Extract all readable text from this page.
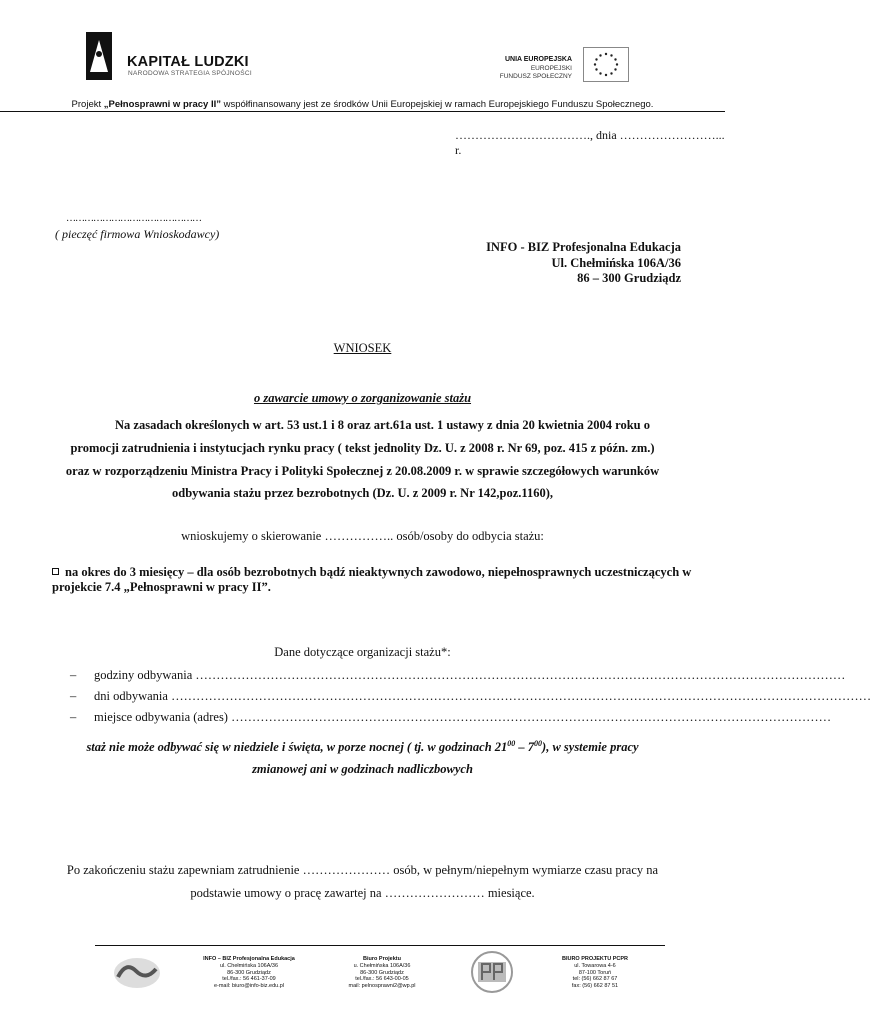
KAPITAŁ LUDZKI
NARODOWA STRATEGIA SPÓJNOŚCI
UNIA EUROPEJSKA
EUROPEJSKI
FUNDUSZ SPOŁECZNY
Projekt „Pełnosprawni w pracy II” współfinansowany jest ze środków Unii Europejskiej w ramach Europejskiego Funduszu Społecznego.
……………………………., dnia ……………………... r.
………………………………………
( pieczęć firmowa Wnioskodawcy)
INFO - BIZ Profesjonalna Edukacja
Ul. Chełmińska 106A/36
86 – 300 Grudziądz
WNIOSEK
o zawarcie umowy o zorganizowanie stażu
Na zasadach określonych w art. 53 ust.1 i 8 oraz art.61a ust. 1 ustawy z dnia 20 kwietnia 2004 roku o
promocji zatrudnienia i instytucjach rynku pracy ( tekst jednolity Dz. U. z 2008 r. Nr 69, poz. 415 z późn. zm.)
oraz w rozporządzeniu Ministra Pracy i Polityki Społecznej z 20.08.2009 r. w sprawie szczegółowych warunków
odbywania stażu przez bezrobotnych (Dz. U. z 2009 r. Nr 142,poz.1160),
wnioskujemy o skierowanie …………….. osób/osoby do odbycia stażu:
na okres do 3 miesięcy – dla osób bezrobotnych bądź nieaktywnych zawodowo, niepełnosprawnych uczestniczących w projekcie 7.4 „Pełnosprawni w pracy II”.
Dane dotyczące organizacji stażu*:
– godziny odbywania …………………………………………………………………………………………………………………………………………
– dni odbywania ……………………………………………………………………………………………………………………………………………………
– miejsce odbywania (adres) ………………………………………………………………………………………………………………………………
staż nie może odbywać się w niedziele i święta, w porze nocnej ( tj. w godzinach $21^{00} - 7^{00}$), w systemie pracy
zmianowej ani w godzinach nadliczbowych
Po zakończeniu stażu zapewniam zatrudnienie ………………… osób, w pełnym/niepełnym wymiarze czasu pracy na
podstawie umowy o pracę zawartej na …………………… miesiące.
INFO – BIZ Profesjonalna Edukacja
ul. Chełmińska 106A/36
86-300 Grudziądz
tel./fax.: 56 461-37-09
e-mail: biuro@info-biz.edu.pl
Biuro Projektu
u. Chełmińska 106A/36
86-300 Grudziądz
tel./fax.: 56 643-00-05
mail: pelnosprawni2@wp.pl
BIURO PROJEKTU PCPR
ul. Towarowa 4-6
87-100 Toruń
tel: (56) 662 87 67
fax: (56) 662 87 51
